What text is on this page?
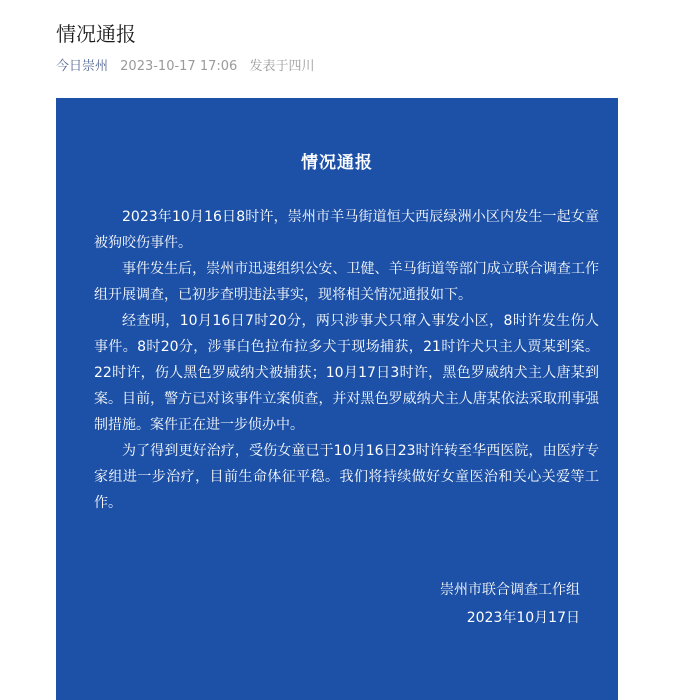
情况通报
今日崇州 2023-10-17 17:06 发表于四川
情况通报

2023年10月16日8时许，崇州市羊马街道恒大西辰绿洲小区内发生一起女童被狗咬伤事件。

事件发生后，崇州市迅速组织公安、卫健、羊马街道等部门成立联合调查工作组开展调查，已初步查明违法事实，现将相关情况通报如下。

经查明，10月16日7时20分，两只涉事犬只窜入事发小区，8时许发生伤人事件。8时20分，涉事白色拉布拉多犬于现场捕获，21时许犬只主人贾某到案。22时许，伤人黑色罗威纳犬被捕获；10月17日3时许，黑色罗威纳犬主人唐某到案。目前，警方已对该事件立案侦查，并对黑色罗威纳犬主人唐某依法采取刑事强制措施。案件正在进一步侦办中。

为了得到更好治疗，受伤女童已于10月16日23时许转至华西医院，由医疗专家组进一步治疗，目前生命体征平稳。我们将持续做好女童医治和关心关爱等工作。

崇州市联合调查工作组
2023年10月17日
